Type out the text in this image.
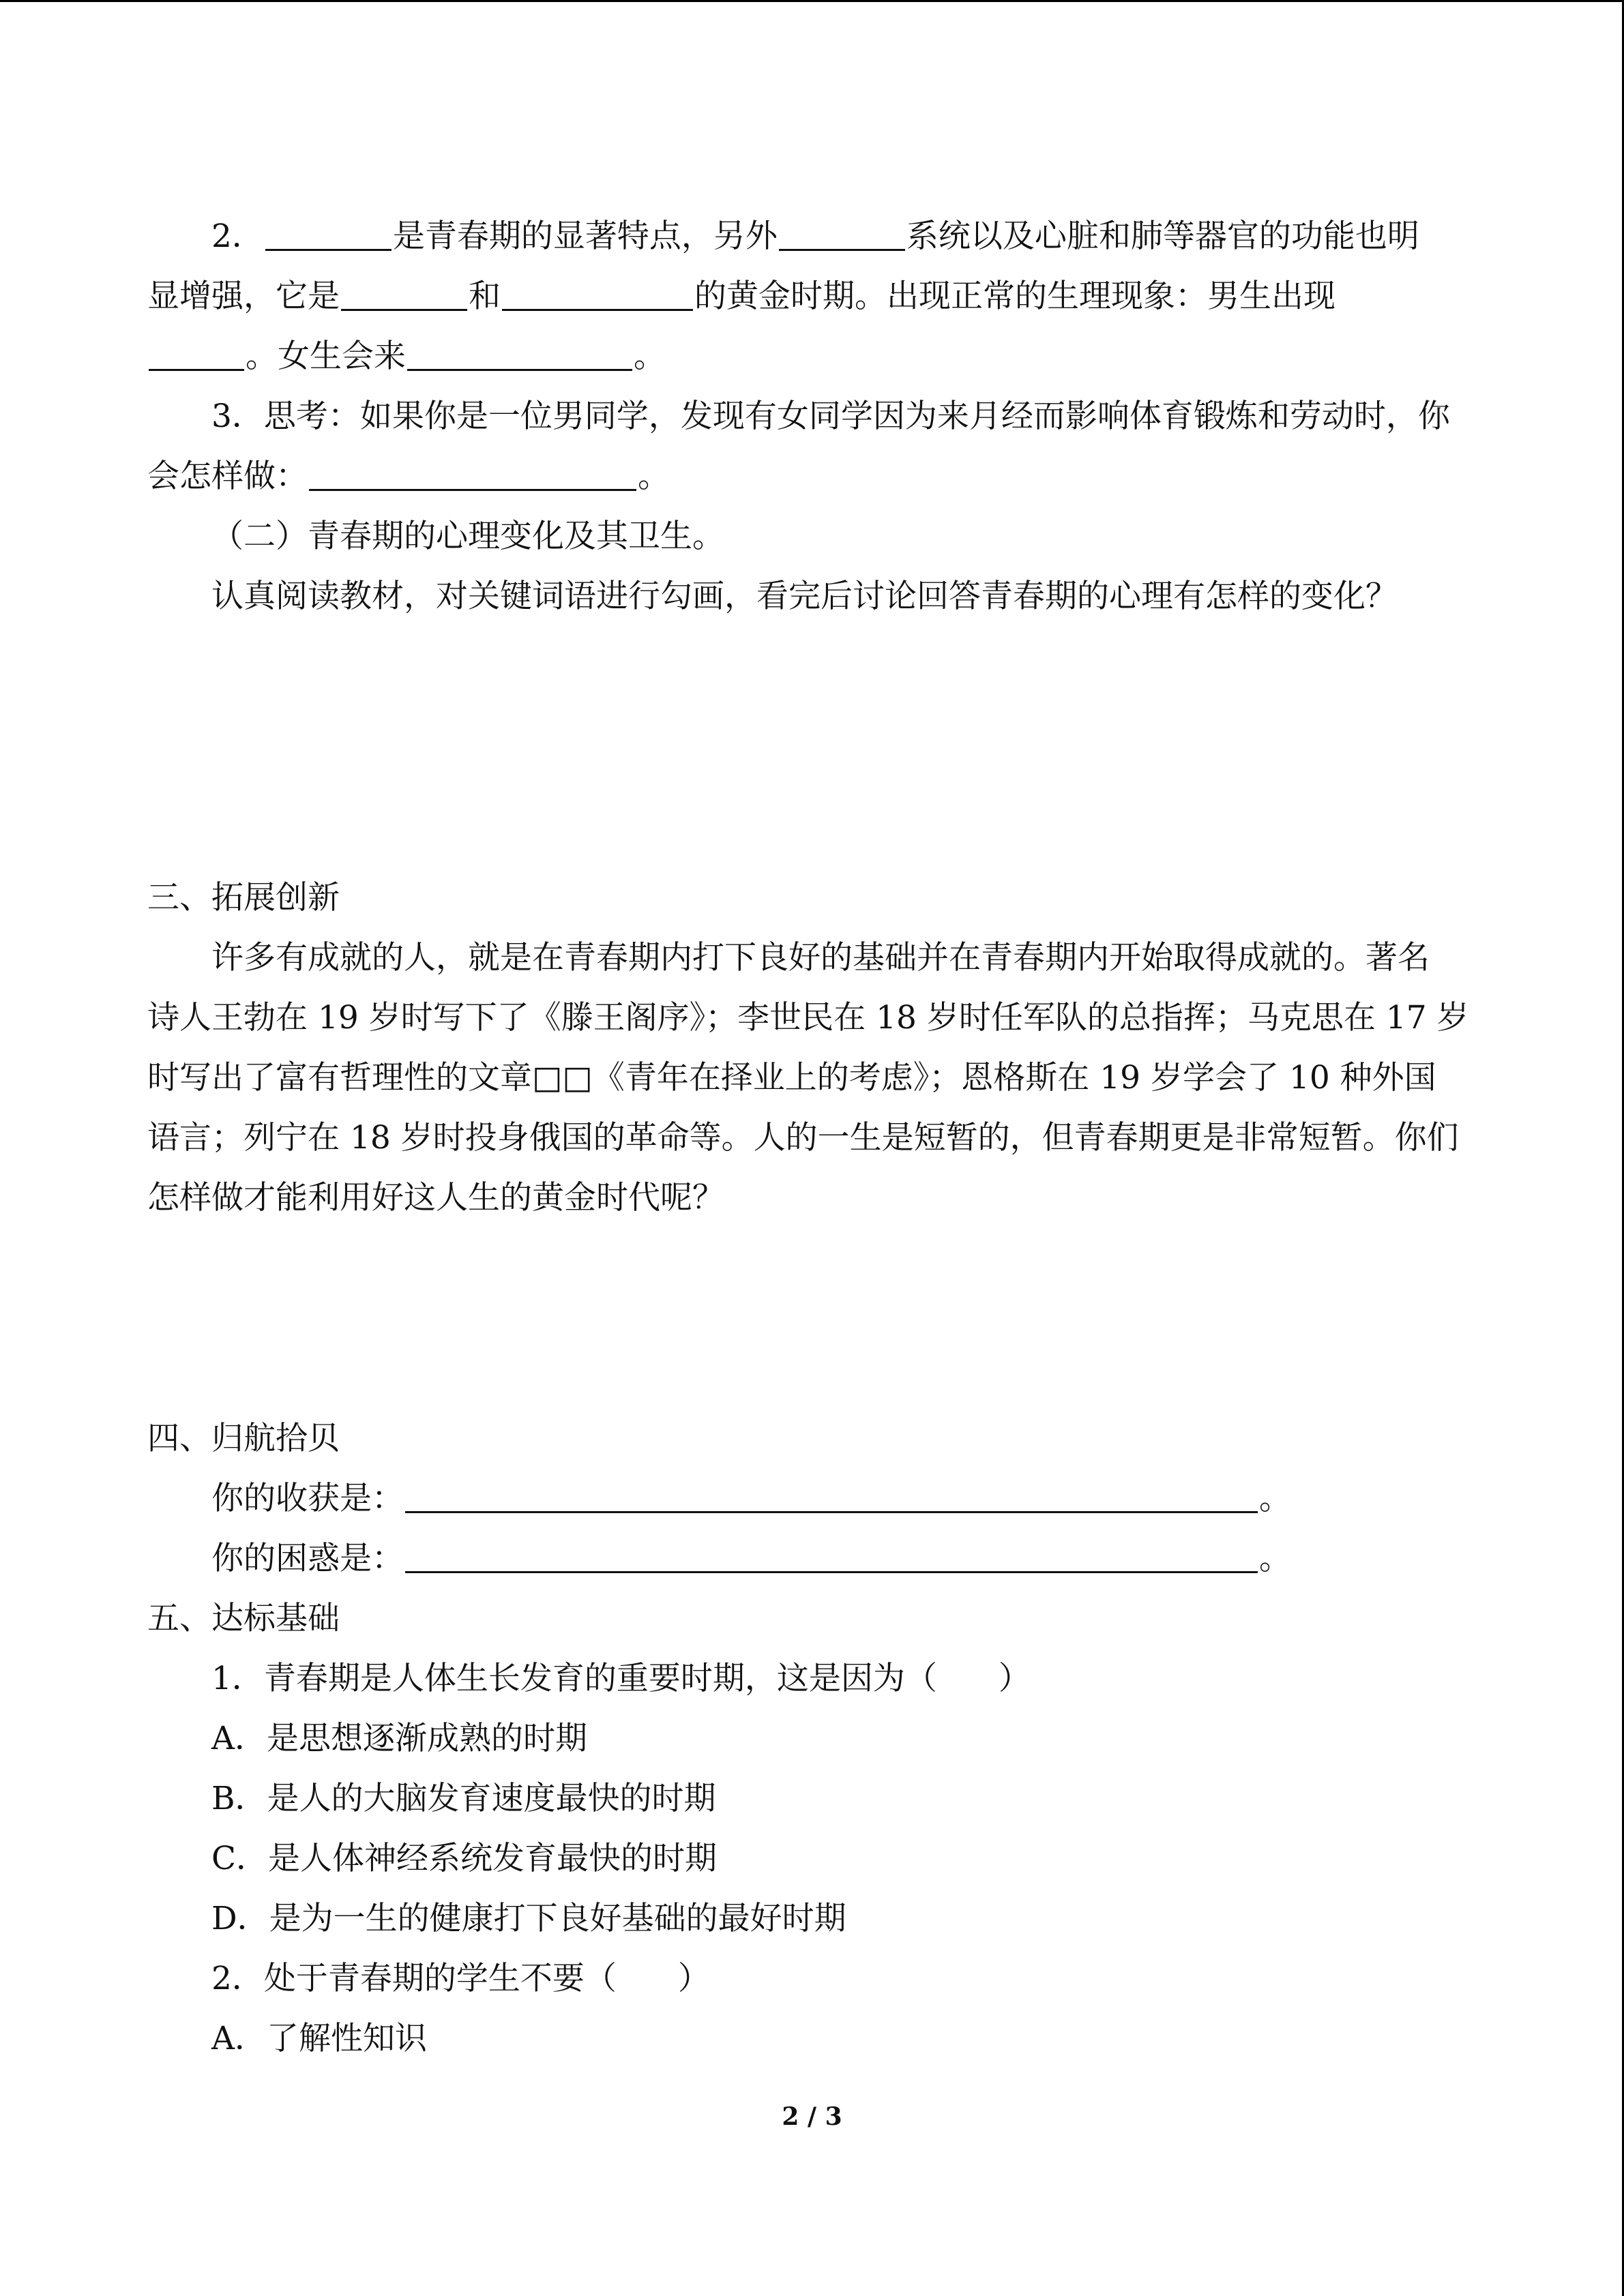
2．	是青春期的显著特点，另外	系统以及心脏和肺等器官的功能也明
显增强，它是	和	的黄金时期。出现正常的生理现象：男生出现
。女生会来	。
3．思考：如果你是一位男同学，发现有女同学因为来月经而影响体育锻炼和劳动时，你
会怎样做：	。
（二）青春期的心理变化及其卫生。
认真阅读教材，对关键词语进行勾画，看完后讨论回答青春期的心理有怎样的变化？
三、拓展创新
许多有成就的人，就是在青春期内打下良好的基础并在青春期内开始取得成就的。著名
诗人王勃在 19 岁时写下了《滕王阁序》；李世民在 18 岁时任军队的总指挥；马克思在 17 岁
时写出了富有哲理性的文章□□《青年在择业上的考虑》；恩格斯在 19 岁学会了 10 种外国
语言；列宁在 18 岁时投身俄国的革命等。人的一生是短暂的，但青春期更是非常短暂。你们
怎样做才能利用好这人生的黄金时代呢？
四、归航拾贝
你的收获是：	。
你的困惑是：	。
五、达标基础
1．青春期是人体生长发育的重要时期，这是因为（ ）
A．是思想逐渐成熟的时期
B．是人的大脑发育速度最快的时期
C．是人体神经系统发育最快的时期
D．是为一生的健康打下良好基础的最好时期
2．处于青春期的学生不要（ ）
A．了解性知识
2 / 3
